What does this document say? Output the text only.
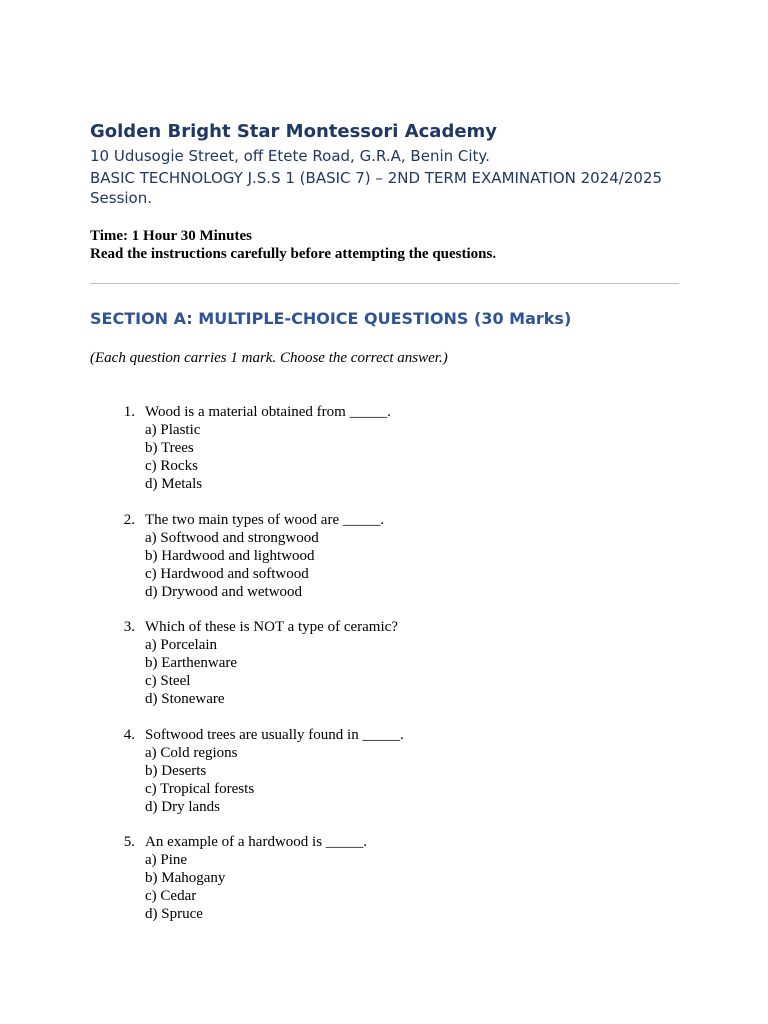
Golden Bright Star Montessori Academy

10 Udusogie Street, off Etete Road, G.R.A, Benin City.

BASIC TECHNOLOGY J.S.S 1 (BASIC 7) – 2ND TERM EXAMINATION 2024/2025 Session.

Time: 1 Hour 30 Minutes
Read the instructions carefully before attempting the questions.
SECTION A: MULTIPLE-CHOICE QUESTIONS (30 Marks)

(Each question carries 1 mark. Choose the correct answer.)

1. Wood is a material obtained from _____.
a) Plastic
b) Trees
c) Rocks
d) Metals
2. The two main types of wood are _____.
a) Softwood and strongwood
b) Hardwood and lightwood
c) Hardwood and softwood
d) Drywood and wetwood
3. Which of these is NOT a type of ceramic?
a) Porcelain
b) Earthenware
c) Steel
d) Stoneware
4. Softwood trees are usually found in _____.
a) Cold regions
b) Deserts
c) Tropical forests
d) Dry lands
5. An example of a hardwood is _____.
a) Pine
b) Mahogany
c) Cedar
d) Spruce
